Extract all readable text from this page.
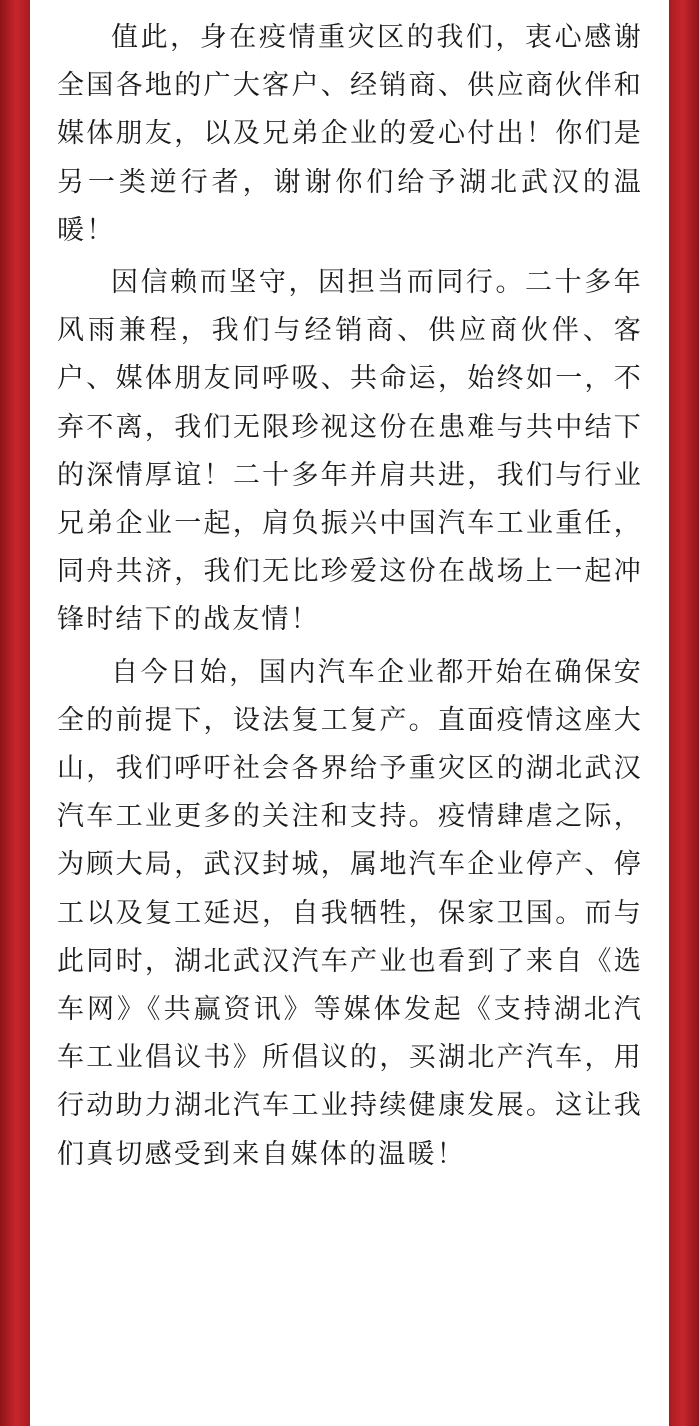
值此，身在疫情重灾区的我们，衷心感谢全国各地的广大客户、经销商、供应商伙伴和媒体朋友，以及兄弟企业的爱心付出！你们是另一类逆行者，谢谢你们给予湖北武汉的温暖！

因信赖而坚守，因担当而同行。二十多年风雨兼程，我们与经销商、供应商伙伴、客户、媒体朋友同呼吸、共命运，始终如一，不弃不离，我们无限珍视这份在患难与共中结下的深情厚谊！二十多年并肩共进，我们与行业兄弟企业一起，肩负振兴中国汽车工业重任，同舟共济，我们无比珍爱这份在战场上一起冲锋时结下的战友情！

自今日始，国内汽车企业都开始在确保安全的前提下，设法复工复产。直面疫情这座大山，我们呼吁社会各界给予重灾区的湖北武汉汽车工业更多的关注和支持。疫情肆虐之际，为顾大局，武汉封城，属地汽车企业停产、停工以及复工延迟，自我牺牲，保家卫国。而与此同时，湖北武汉汽车产业也看到了来自《选车网》《共赢资讯》等媒体发起《支持湖北汽车工业倡议书》所倡议的，买湖北产汽车，用行动助力湖北汽车工业持续健康发展。这让我们真切感受到来自媒体的温暖！
